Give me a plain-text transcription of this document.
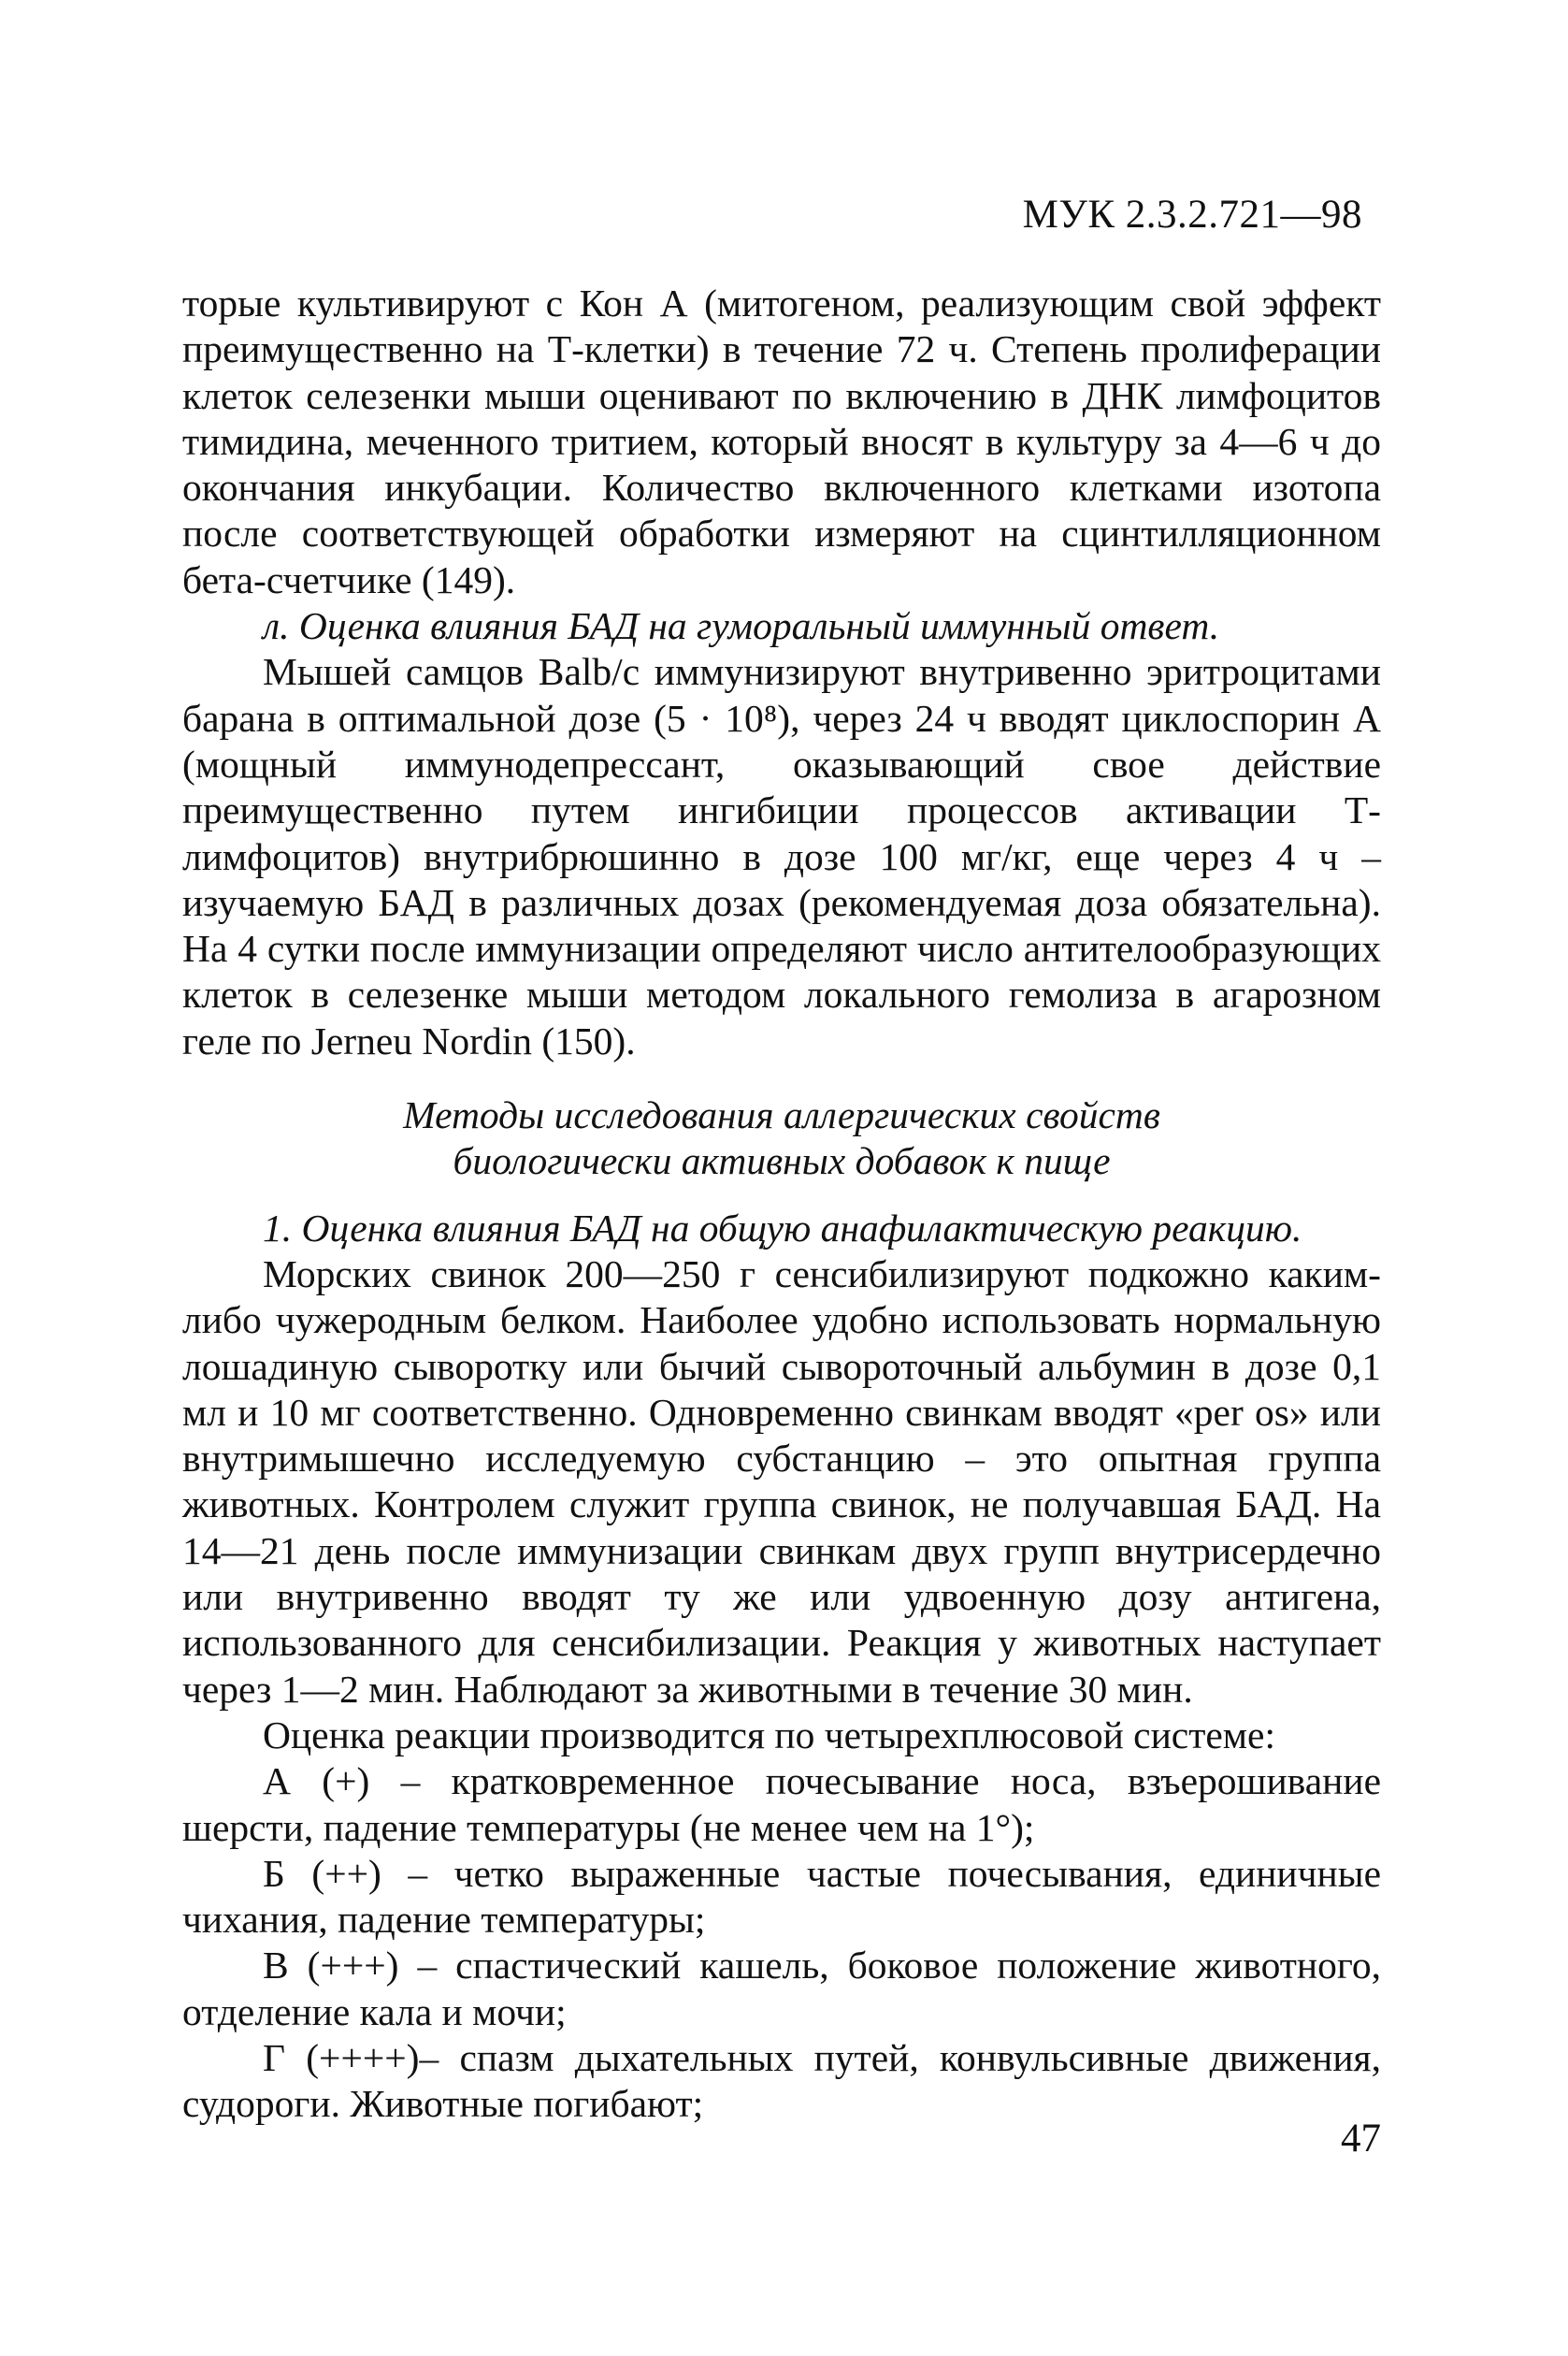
МУК 2.3.2.721—98

торые культивируют с Кон А (митогеном, реализующим свой эффект преимущественно на Т-клетки) в течение 72 ч. Степень пролиферации клеток селезенки мыши оценивают по включению в ДНК лимфоцитов тимидина, меченного тритием, который вносят в культуру за 4—6 ч до окончания инкубации. Количество включенного клетками изотопа после соответствующей обработки измеряют на сцинтилляционном бета-счетчике (149).

л. Оценка влияния БАД на гуморальный иммунный ответ.

Мышей самцов Balb/c иммунизируют внутривенно эритроцитами барана в оптимальной дозе (5 · 10⁸), через 24 ч вводят циклоспорин А (мощный иммунодепрессант, оказывающий свое действие преимущественно путем ингибиции процессов активации Т-лимфоцитов) внутрибрюшинно в дозе 100 мг/кг, еще через 4 ч – изучаемую БАД в различных дозах (рекомендуемая доза обязательна). На 4 сутки после иммунизации определяют число антителообразующих клеток в селезенке мыши методом локального гемолиза в агарозном геле по Jerneu Nordin (150).

Методы исследования аллергических свойств
биологически активных добавок к пище

1. Оценка влияния БАД на общую анафилактическую реакцию.

Морских свинок 200—250 г сенсибилизируют подкожно каким-либо чужеродным белком. Наиболее удобно использовать нормальную лошадиную сыворотку или бычий сывороточный альбумин в дозе 0,1 мл и 10 мг соответственно. Одновременно свинкам вводят «per os» или внутримышечно исследуемую субстанцию – это опытная группа животных. Контролем служит группа свинок, не получавшая БАД. На 14—21 день после иммунизации свинкам двух групп внутрисердечно или внутривенно вводят ту же или удвоенную дозу антигена, использованного для сенсибилизации. Реакция у животных наступает через 1—2 мин. Наблюдают за животными в течение 30 мин.

Оценка реакции производится по четырехплюсовой системе:

А (+) – кратковременное почесывание носа, взъерошивание шерсти, падение температуры (не менее чем на 1°);

Б (++) – четко выраженные частые почесывания, единичные чихания, падение температуры;

В (+++) – спастический кашель, боковое положение животного, отделение кала и мочи;

Г (++++)– спазм дыхательных путей, конвульсивные движения, судороги. Животные погибают;

47
